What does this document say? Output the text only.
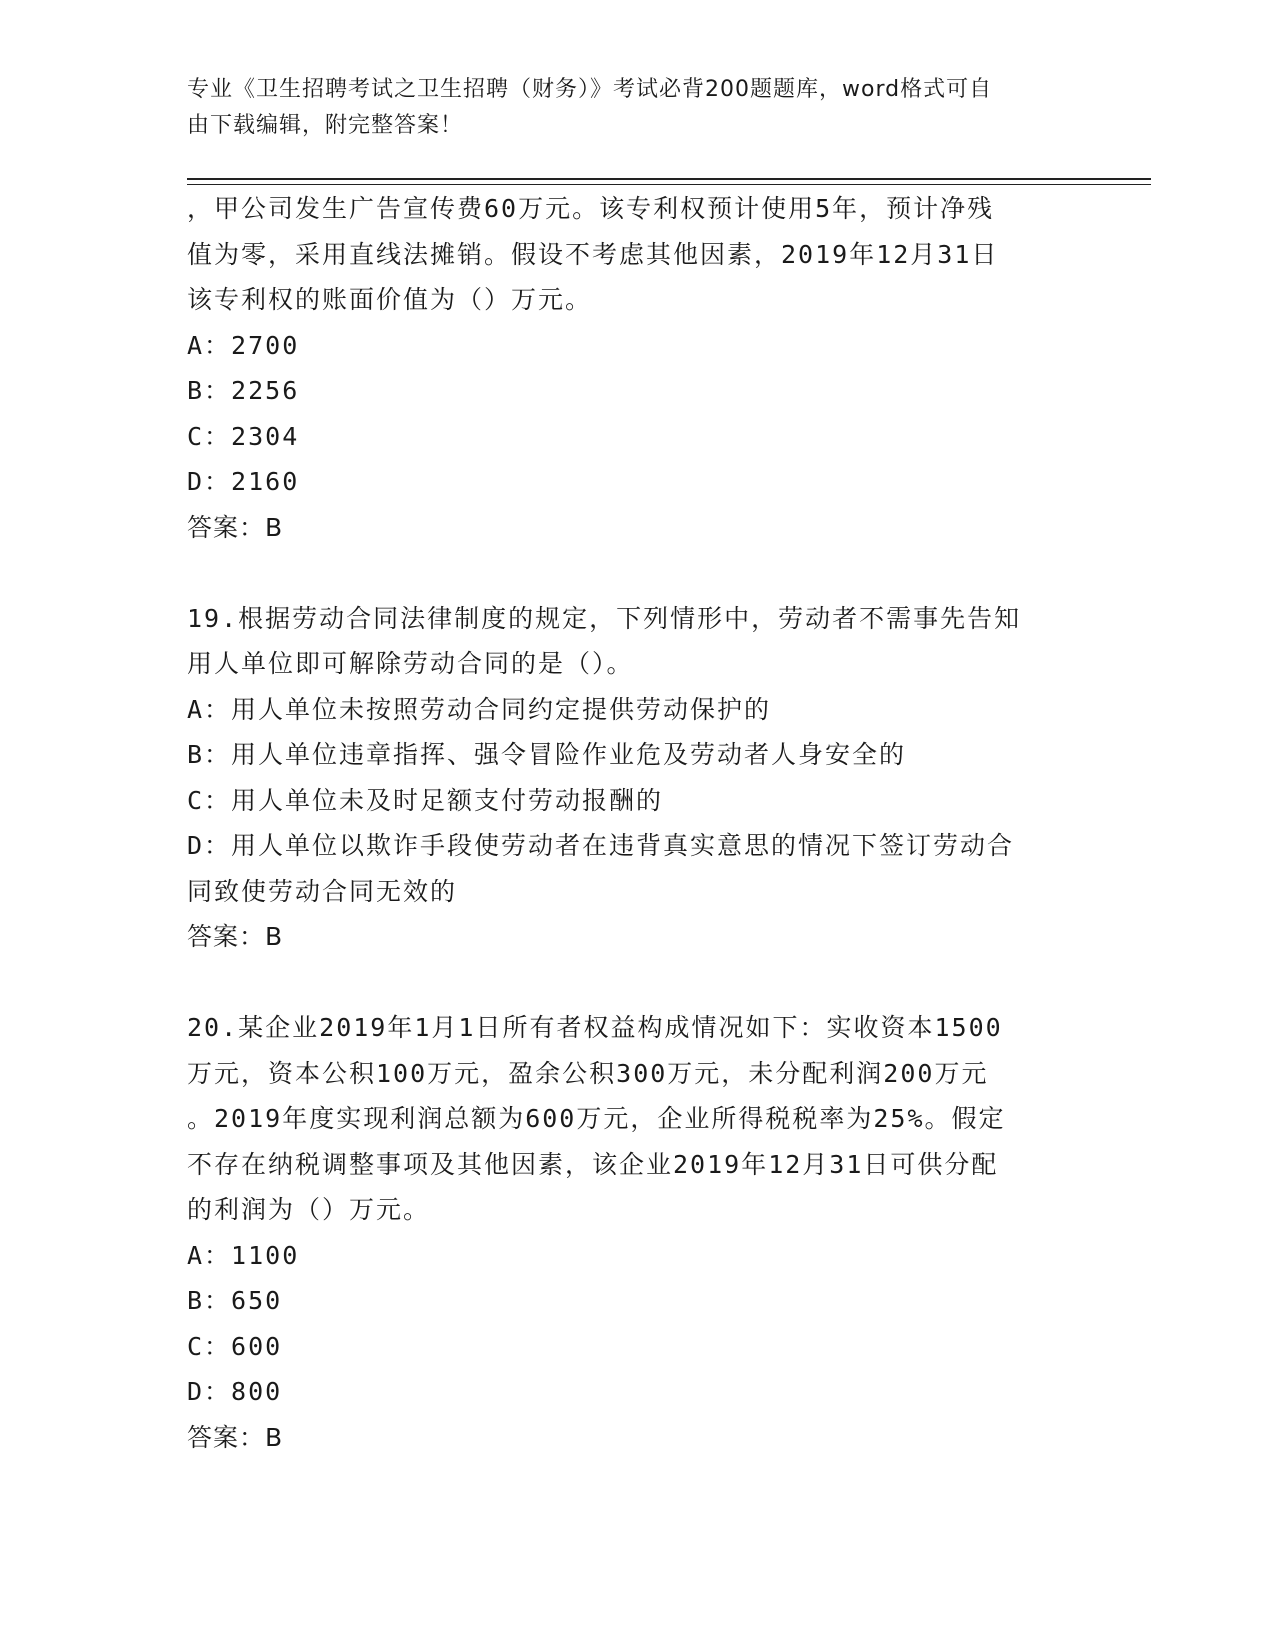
专业《卫生招聘考试之卫生招聘（财务）》考试必背200题题库，word格式可自
由下载编辑，附完整答案！

，甲公司发生广告宣传费60万元。该专利权预计使用5年，预计净残

值为零，采用直线法摊销。假设不考虑其他因素，2019年12月31日

该专利权的账面价值为（）万元。

A：2700

B：2256

C：2304

D：2160

答案：B

19.根据劳动合同法律制度的规定，下列情形中，劳动者不需事先告知

用人单位即可解除劳动合同的是（）。

A：用人单位未按照劳动合同约定提供劳动保护的

B：用人单位违章指挥、强令冒险作业危及劳动者人身安全的

C：用人单位未及时足额支付劳动报酬的

D：用人单位以欺诈手段使劳动者在违背真实意思的情况下签订劳动合

同致使劳动合同无效的

答案：B

20.某企业2019年1月1日所有者权益构成情况如下：实收资本1500

万元，资本公积100万元，盈余公积300万元，未分配利润200万元

。2019年度实现利润总额为600万元，企业所得税税率为25%。假定

不存在纳税调整事项及其他因素，该企业2019年12月31日可供分配

的利润为（）万元。

A：1100

B：650

C：600

D：800

答案：B
